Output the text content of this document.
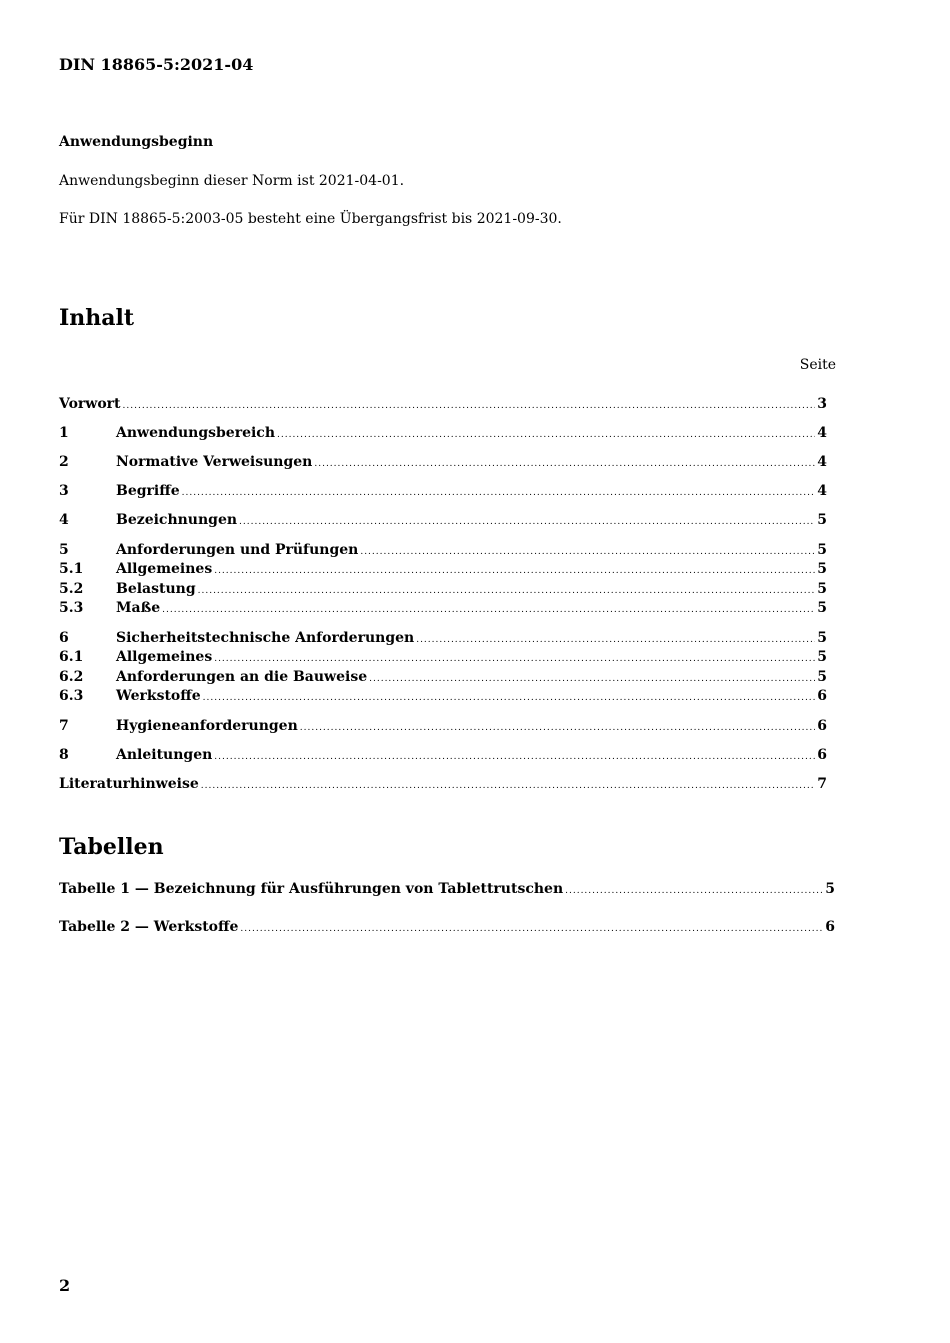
DIN 18865-5:2021-04
Anwendungsbeginn
Anwendungsbeginn dieser Norm ist 2021-04-01.
Für DIN 18865-5:2003-05 besteht eine Übergangsfrist bis 2021-09-30.
Inhalt
Seite
Vorwort .....	3
1	Anwendungsbereich .....	4
2	Normative Verweisungen .....	4
3	Begriffe .....	4
4	Bezeichnungen .....	5
5	Anforderungen und Prüfungen .....	5
5.1	Allgemeines .....	5
5.2	Belastung .....	5
5.3	Maße .....	5
6	Sicherheitstechnische Anforderungen .....	5
6.1	Allgemeines .....	5
6.2	Anforderungen an die Bauweise .....	5
6.3	Werkstoffe .....	6
7	Hygieneanforderungen .....	6
8	Anleitungen .....	6
Literaturhinweise .....	7
Tabellen
Tabelle 1 — Bezeichnung für Ausführungen von Tablettrutschen .....	5
Tabelle 2 — Werkstoffe .....	6
2
